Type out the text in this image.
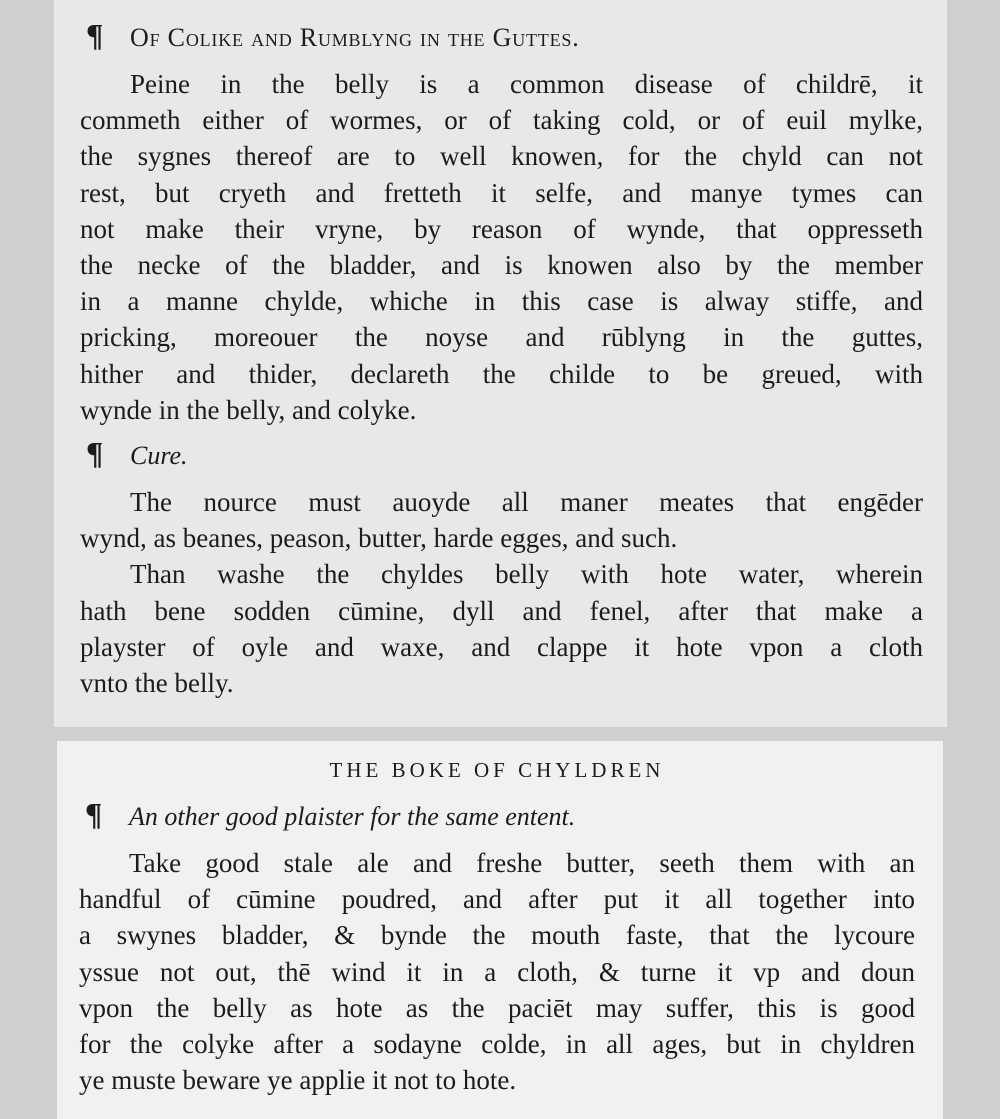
¶	Of Colike and Rumblyng in the Guttes.

Peine in the belly is a common disease of childrē, it
commeth either of wormes, or of taking cold, or of euil mylke,
the sygnes thereof are to well knowen, for the chyld can not
rest, but cryeth and fretteth it selfe, and manye tymes can
not make their vryne, by reason of wynde, that oppresseth
the necke of the bladder, and is knowen also by the member
in a manne chylde, whiche in this case is alway stiffe, and
pricking, moreouer the noyse and rūblyng in the guttes,
hither and thider, declareth the childe to be greued, with
wynde in the belly, and colyke.

¶	Cure.

The nource must auoyde all maner meates that engēder
wynd, as beanes, peason, butter, harde egges, and such.

Than washe the chyldes belly with hote water, wherein
hath bene sodden cūmine, dyll and fenel, after that make a
playster of oyle and waxe, and clappe it hote vpon a cloth
vnto the belly.

THE BOKE OF CHYLDREN
¶	An other good plaister for the same entent.

Take good stale ale and freshe butter, seeth them with an
handful of cūmine poudred, and after put it all together into
a swynes bladder, & bynde the mouth faste, that the lycoure
yssue not out, thē wind it in a cloth, & turne it vp and doun
vpon the belly as hote as the paciēt may suffer, this is good
for the colyke after a sodayne colde, in all ages, but in chyldren
ye muste beware ye applie it not to hote.
